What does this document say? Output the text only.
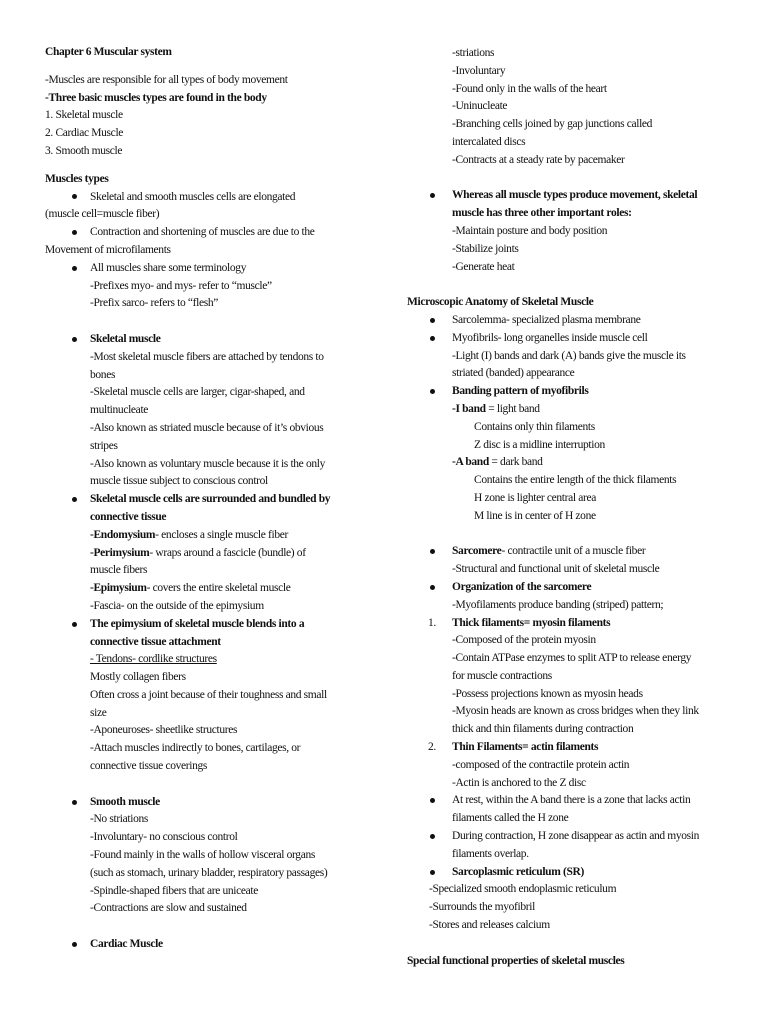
Chapter 6 Muscular system
-Muscles are responsible for all types of body movement
-Three basic muscles types are found in the body
1. Skeletal muscle
2. Cardiac Muscle
3. Smooth muscle
Muscles types
Skeletal and smooth muscles cells are elongated
(muscle cell=muscle fiber)
Contraction and shortening of muscles are due to the
Movement of microfilaments
All muscles share some terminology
-Prefixes myo- and mys- refer to “muscle”
-Prefix sarco- refers to “flesh”
Skeletal muscle
-Most skeletal muscle fibers are attached by tendons to
bones
-Skeletal muscle cells are larger, cigar-shaped, and
multinucleate
-Also known as striated muscle because of it’s obvious
stripes
-Also known as voluntary muscle because it is the only
muscle tissue subject to conscious control
Skeletal muscle cells are surrounded and bundled by
connective tissue
-Endomysium- encloses a single muscle fiber
-Perimysium- wraps around a fascicle (bundle) of
muscle fibers
-Epimysium- covers the entire skeletal muscle
-Fascia- on the outside of the epimysium
The epimysium of skeletal muscle blends into a
connective tissue attachment
- Tendons- cordlike structures
Mostly collagen fibers
Often cross a joint because of their toughness and small
size
-Aponeuroses- sheetlike structures
-Attach muscles indirectly to bones, cartilages, or
connective tissue coverings
Smooth muscle
-No striations
-Involuntary- no conscious control
-Found mainly in the walls of hollow visceral organs
(such as stomach, urinary bladder, respiratory passages)
-Spindle-shaped fibers that are uniceate
-Contractions are slow and sustained
Cardiac Muscle
-striations
-Involuntary
-Found only in the walls of the heart
-Uninucleate
-Branching cells joined by gap junctions called
intercalated discs
-Contracts at a steady rate by pacemaker
Whereas all muscle types produce movement, skeletal
muscle has three other important roles:
-Maintain posture and body position
-Stabilize joints
-Generate heat
Microscopic Anatomy of Skeletal Muscle
Sarcolemma- specialized plasma membrane
Myofibrils- long organelles inside muscle cell
-Light (I) bands and dark (A) bands give the muscle its
striated (banded) appearance
Banding pattern of myofibrils
-I band = light band
Contains only thin filaments
Z disc is a midline interruption
-A band = dark band
Contains the entire length of the thick filaments
H zone is lighter central area
M line is in center of H zone
Sarcomere- contractile unit of a muscle fiber
-Structural and functional unit of skeletal muscle
Organization of the sarcomere
-Myofilaments produce banding (striped) pattern;
1.	Thick filaments= myosin filaments
-Composed of the protein myosin
-Contain ATPase enzymes to split ATP to release energy
for muscle contractions
-Possess projections known as myosin heads
-Myosin heads are known as cross bridges when they link
thick and thin filaments during contraction
2.	Thin Filaments= actin filaments
-composed of the contractile protein actin
-Actin is anchored to the Z disc
At rest, within the A band there is a zone that lacks actin
filaments called the H zone
During contraction, H zone disappear as actin and myosin
filaments overlap.
Sarcoplasmic reticulum (SR)
-Specialized smooth endoplasmic reticulum
-Surrounds the myofibril
-Stores and releases calcium
Special functional properties of skeletal muscles
